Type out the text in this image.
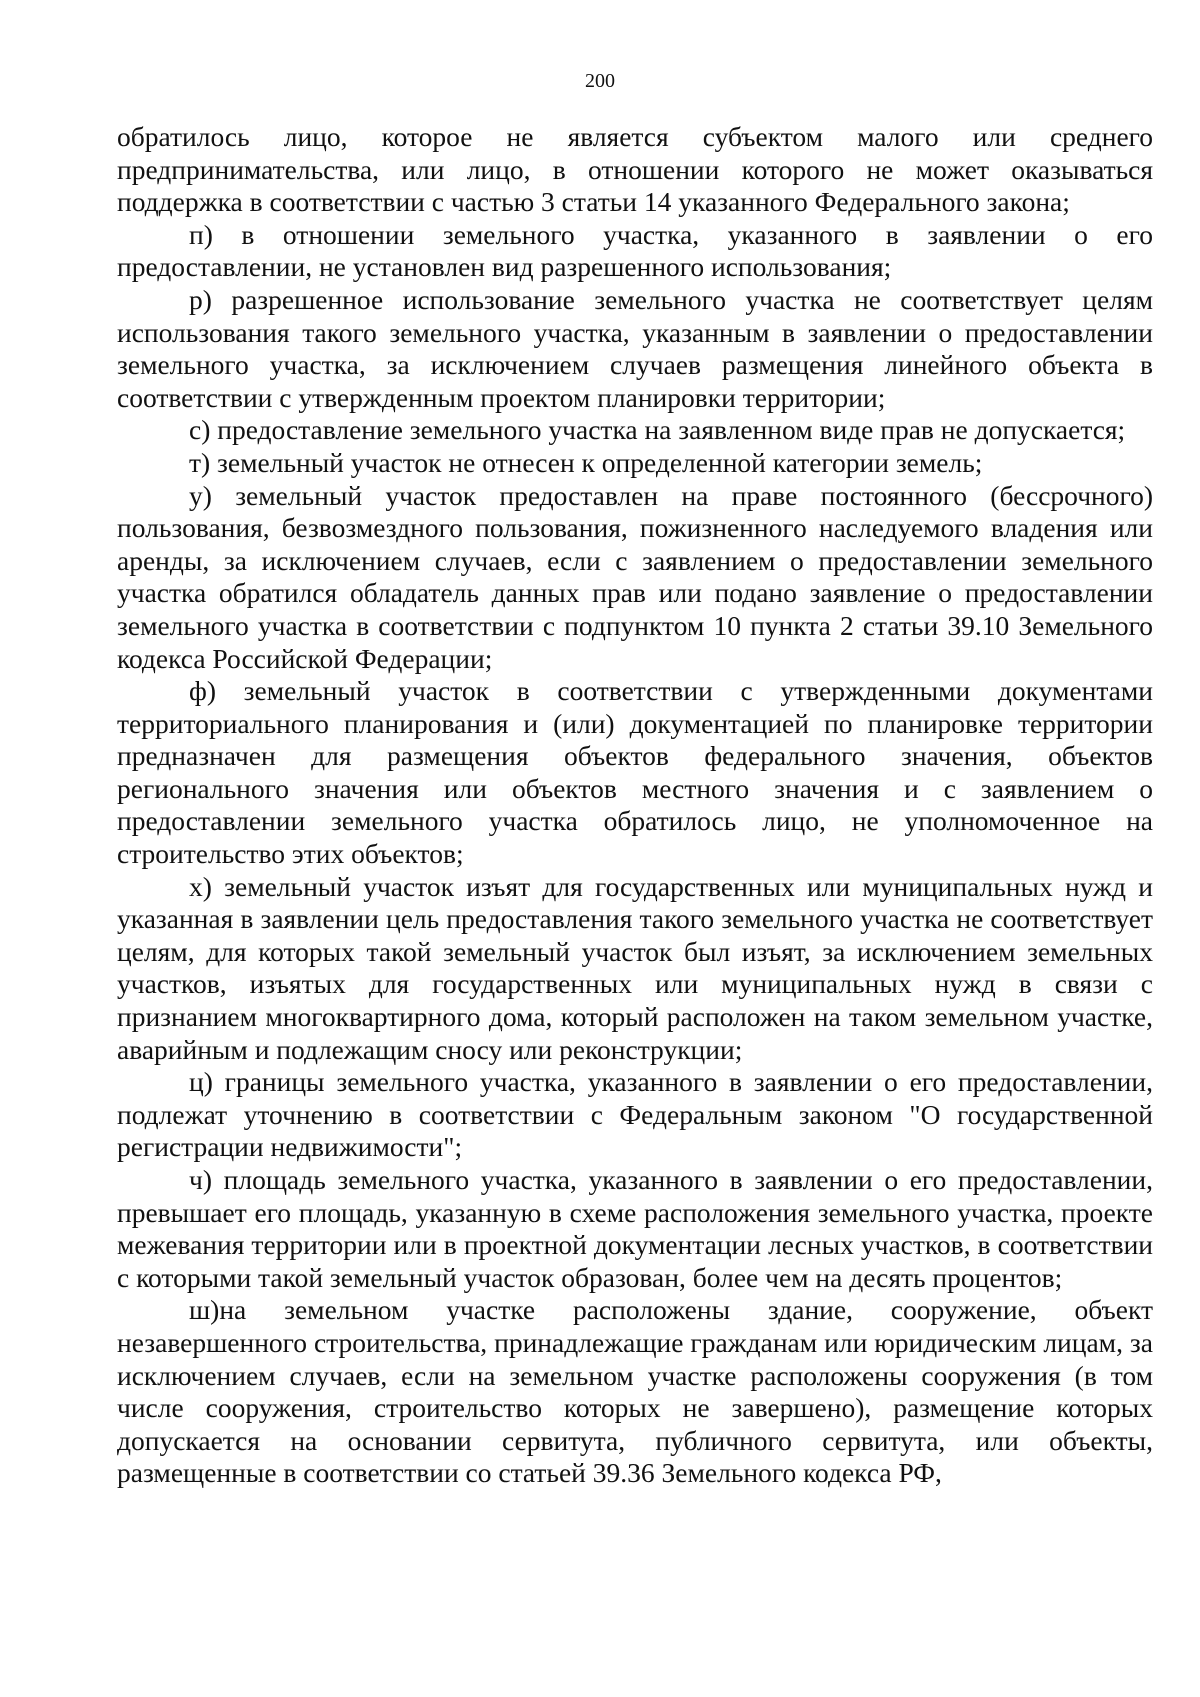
200

обратилось лицо, которое не является субъектом малого или среднего предпринимательства, или лицо, в отношении которого не может оказываться поддержка в соответствии с частью 3 статьи 14 указанного Федерального закона;

п) в отношении земельного участка, указанного в заявлении о его предоставлении, не установлен вид разрешенного использования;

р) разрешенное использование земельного участка не соответствует целям использования такого земельного участка, указанным в заявлении о предоставлении земельного участка, за исключением случаев размещения линейного объекта в соответствии с утвержденным проектом планировки территории;

с) предоставление земельного участка на заявленном виде прав не допускается;

т) земельный участок не отнесен к определенной категории земель;

у) земельный участок предоставлен на праве постоянного (бессрочного) пользования, безвозмездного пользования, пожизненного наследуемого владения или аренды, за исключением случаев, если с заявлением о предоставлении земельного участка обратился обладатель данных прав или подано заявление о предоставлении земельного участка в соответствии с подпунктом 10 пункта 2 статьи 39.10 Земельного кодекса Российской Федерации;

ф) земельный участок в соответствии с утвержденными документами территориального планирования и (или) документацией по планировке территории предназначен для размещения объектов федерального значения, объектов регионального значения или объектов местного значения и с заявлением о предоставлении земельного участка обратилось лицо, не уполномоченное на строительство этих объектов;

х) земельный участок изъят для государственных или муниципальных нужд и указанная в заявлении цель предоставления такого земельного участка не соответствует целям, для которых такой земельный участок был изъят, за исключением земельных участков, изъятых для государственных или муниципальных нужд в связи с признанием многоквартирного дома, который расположен на таком земельном участке, аварийным и подлежащим сносу или реконструкции;

ц) границы земельного участка, указанного в заявлении о его предоставлении, подлежат уточнению в соответствии с Федеральным законом "О государственной регистрации недвижимости";

ч) площадь земельного участка, указанного в заявлении о его предоставлении, превышает его площадь, указанную в схеме расположения земельного участка, проекте межевания территории или в проектной документации лесных участков, в соответствии с которыми такой земельный участок образован, более чем на десять процентов;

ш)на земельном участке расположены здание, сооружение, объект незавершенного строительства, принадлежащие гражданам или юридическим лицам, за исключением случаев, если на земельном участке расположены сооружения (в том числе сооружения, строительство которых не завершено), размещение которых допускается на основании сервитута, публичного сервитута, или объекты, размещенные в соответствии со статьей 39.36 Земельного кодекса РФ,
